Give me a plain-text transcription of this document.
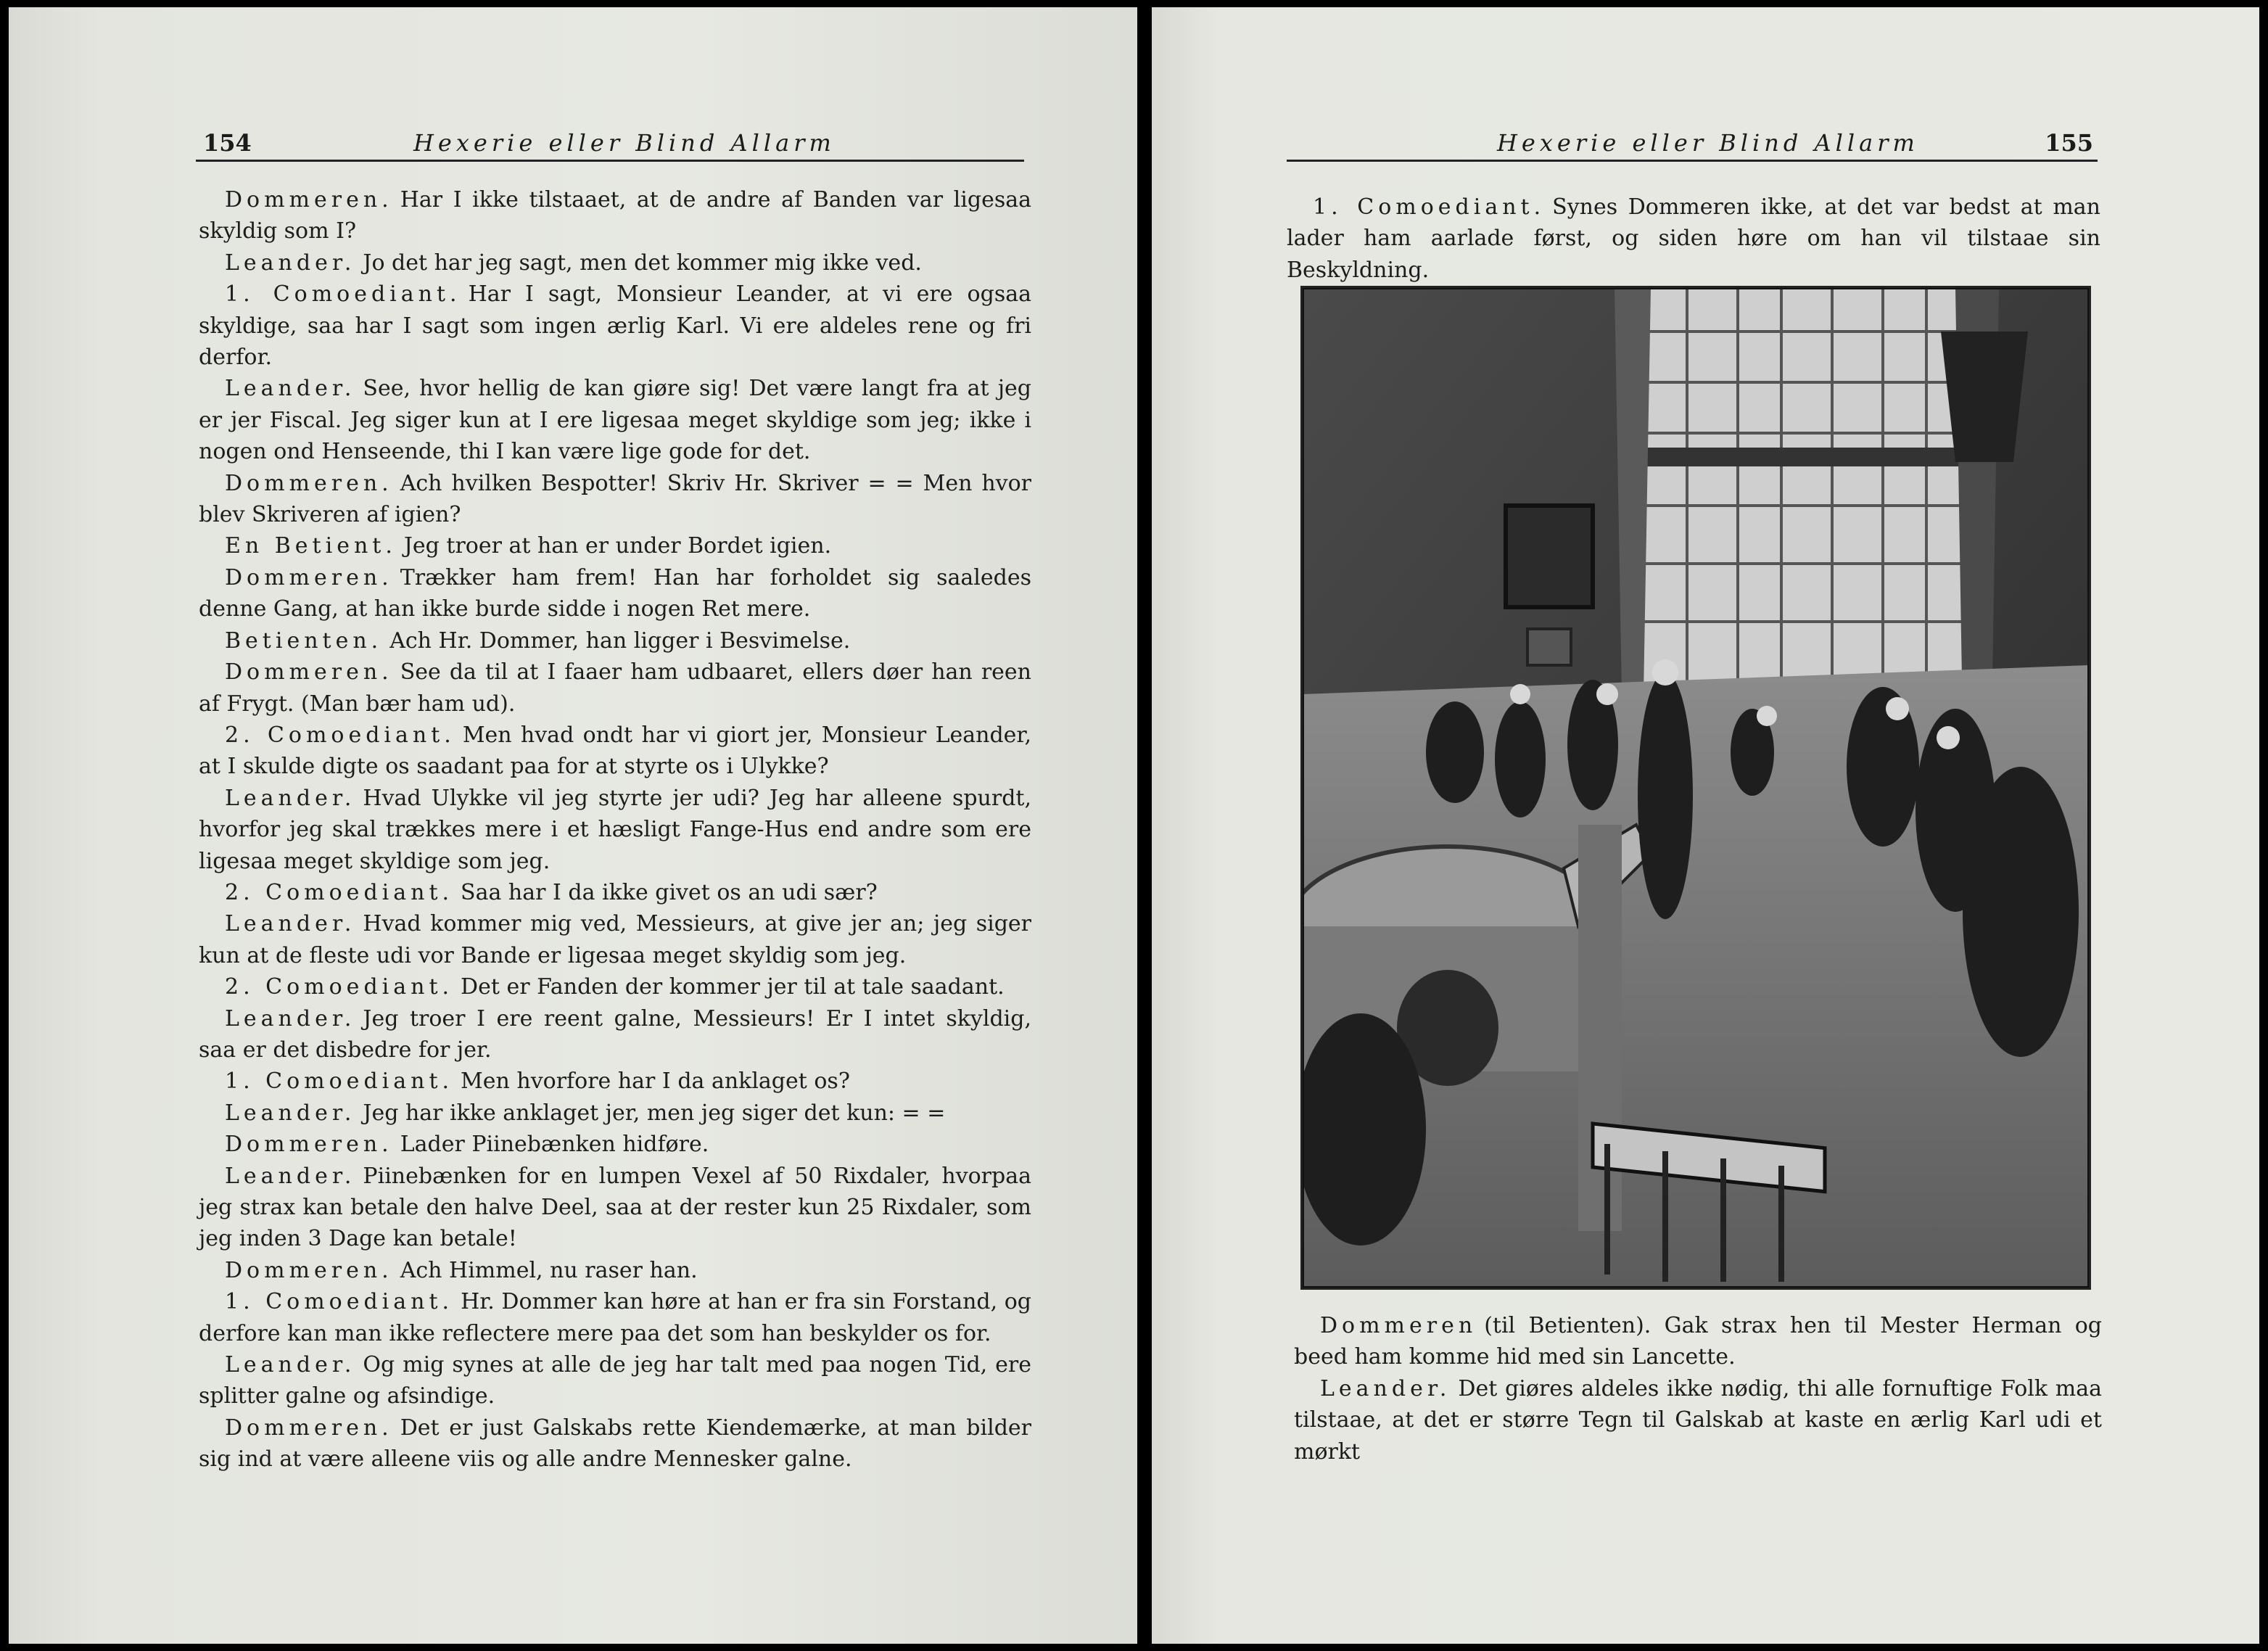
154	Hexerie eller Blind Allarm

Dommeren. Har I ikke tilstaaet, at de andre af Banden var ligesaa skyldig som I?

Leander. Jo det har jeg sagt, men det kommer mig ikke ved.

1. Comoediant. Har I sagt, Monsieur Leander, at vi ere ogsaa skyldige, saa har I sagt som ingen ærlig Karl. Vi ere aldeles rene og fri derfor.

Leander. See, hvor hellig de kan giøre sig! Det være langt fra at jeg er jer Fiscal. Jeg siger kun at I ere ligesaa meget skyldige som jeg; ikke i nogen ond Henseende, thi I kan være lige gode for det.

Dommeren. Ach hvilken Bespotter! Skriv Hr. Skriver = = Men hvor blev Skriveren af igien?

En Betient. Jeg troer at han er under Bordet igien.

Dommeren. Trækker ham frem! Han har forholdet sig saaledes denne Gang, at han ikke burde sidde i nogen Ret mere.

Betienten. Ach Hr. Dommer, han ligger i Besvimelse.

Dommeren. See da til at I faaer ham udbaaret, ellers døer han reen af Frygt. (Man bær ham ud).

2. Comoediant. Men hvad ondt har vi giort jer, Monsieur Leander, at I skulde digte os saadant paa for at styrte os i Ulykke?

Leander. Hvad Ulykke vil jeg styrte jer udi? Jeg har alleene spurdt, hvorfor jeg skal trækkes mere i et hæsligt Fange-Hus end andre som ere ligesaa meget skyldige som jeg.

2. Comoediant. Saa har I da ikke givet os an udi sær?

Leander. Hvad kommer mig ved, Messieurs, at give jer an; jeg siger kun at de fleste udi vor Bande er ligesaa meget skyldig som jeg.

2. Comoediant. Det er Fanden der kommer jer til at tale saadant.

Leander. Jeg troer I ere reent galne, Messieurs! Er I intet skyldig, saa er det disbedre for jer.

1. Comoediant. Men hvorfore har I da anklaget os?

Leander. Jeg har ikke anklaget jer, men jeg siger det kun: = =

Dommeren. Lader Piinebænken hidføre.

Leander. Piinebænken for en lumpen Vexel af 50 Rixdaler, hvorpaa jeg strax kan betale den halve Deel, saa at der rester kun 25 Rixdaler, som jeg inden 3 Dage kan betale!

Dommeren. Ach Himmel, nu raser han.

1. Comoediant. Hr. Dommer kan høre at han er fra sin Forstand, og derfore kan man ikke reflectere mere paa det som han beskylder os for.

Leander. Og mig synes at alle de jeg har talt med paa nogen Tid, ere splitter galne og afsindige.

Dommeren. Det er just Galskabs rette Kiendemærke, at man bilder sig ind at være alleene viis og alle andre Mennesker galne.

Hexerie eller Blind Allarm	155

1. Comoediant. Synes Dommeren ikke, at det var bedst at man lader ham aarlade først, og siden høre om han vil tilstaae sin Beskyldning.

Dommeren (til Betienten). Gak strax hen til Mester Herman og beed ham komme hid med sin Lancette.

Leander. Det giøres aldeles ikke nødig, thi alle fornuftige Folk maa tilstaae, at det er større Tegn til Galskab at kaste en ærlig Karl udi et mørkt
